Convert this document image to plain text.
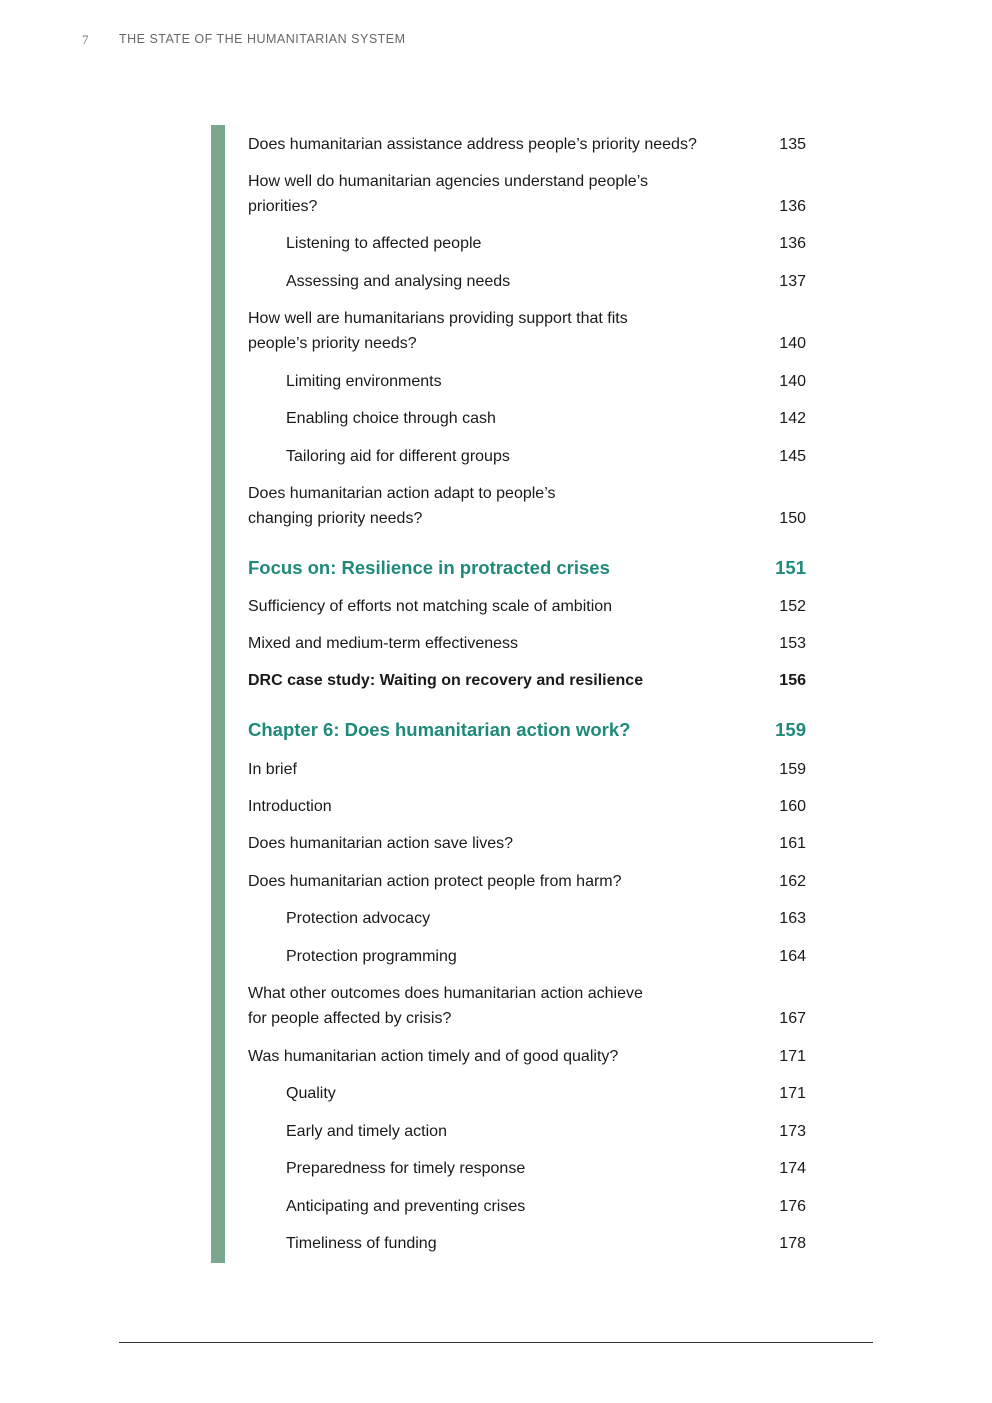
7 THE STATE OF THE HUMANITARIAN SYSTEM
Does humanitarian assistance address people’s priority needs?	135
How well do humanitarian agencies understand people’s priorities?	136
Listening to affected people	136
Assessing and analysing needs	137
How well are humanitarians providing support that fits people’s priority needs?	140
Limiting environments	140
Enabling choice through cash	142
Tailoring aid for different groups	145
Does humanitarian action adapt to people’s changing priority needs?	150
Focus on: Resilience in protracted crises	151
Sufficiency of efforts not matching scale of ambition	152
Mixed and medium-term effectiveness	153
DRC case study: Waiting on recovery and resilience	156
Chapter 6: Does humanitarian action work?	159
In brief	159
Introduction	160
Does humanitarian action save lives?	161
Does humanitarian action protect people from harm?	162
Protection advocacy	163
Protection programming	164
What other outcomes does humanitarian action achieve for people affected by crisis?	167
Was humanitarian action timely and of good quality?	171
Quality	171
Early and timely action	173
Preparedness for timely response	174
Anticipating and preventing crises	176
Timeliness of funding	178
